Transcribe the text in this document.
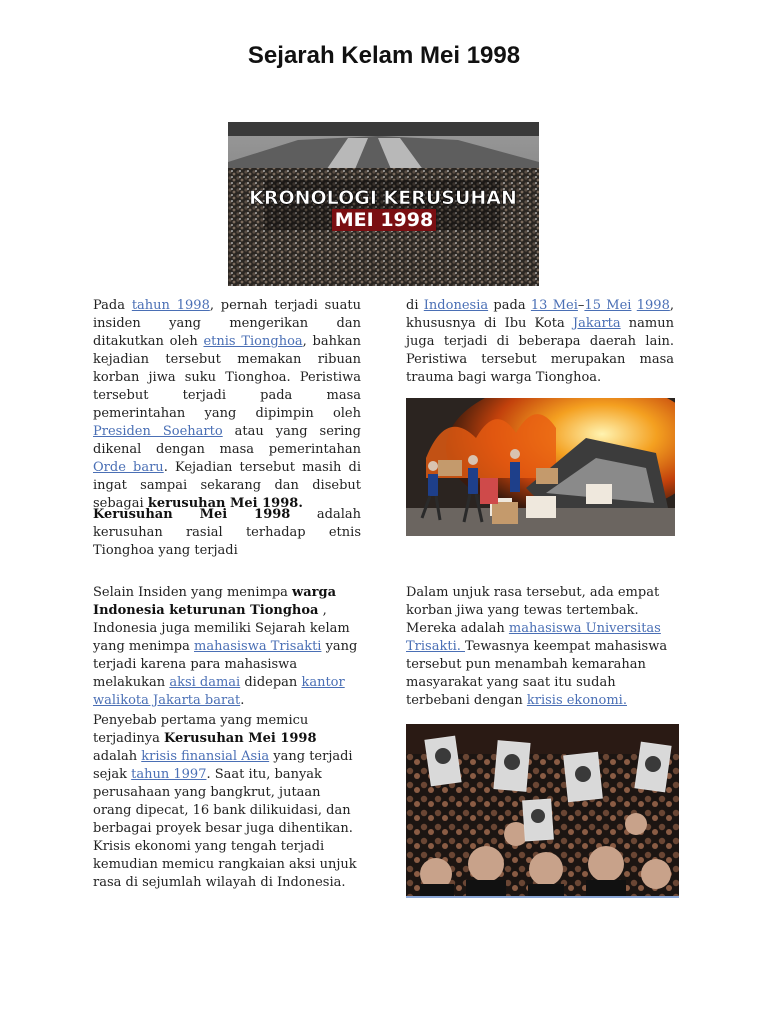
Sejarah Kelam Mei 1998
KRONOLOGI KERUSUHAN
MEI 1998
Pada tahun 1998, pernah terjadi suatu insiden yang mengerikan dan ditakutkan oleh etnis Tionghoa, bahkan kejadian tersebut memakan ribuan korban jiwa suku Tionghoa. Peristiwa tersebut terjadi pada masa pemerintahan yang dipimpin oleh Presiden Soeharto atau yang sering dikenal dengan masa pemerintahan Orde baru. Kejadian tersebut masih di ingat sampai sekarang dan disebut sebagai kerusuhan Mei 1998.
Kerusuhan Mei 1998 adalah kerusuhan rasial terhadap etnis Tionghoa yang terjadi
di Indonesia pada 13 Mei–15 Mei 1998, khususnya di Ibu Kota Jakarta namun juga terjadi di beberapa daerah lain. Peristiwa tersebut merupakan masa trauma bagi warga Tionghoa.
Selain Insiden yang menimpa warga Indonesia keturunan Tionghoa , Indonesia juga memiliki Sejarah kelam yang menimpa mahasiswa Trisakti yang terjadi karena para mahasiswa melakukan aksi damai didepan kantor walikota Jakarta barat.
Penyebab pertama yang memicu terjadinya Kerusuhan Mei 1998 adalah krisis finansial Asia yang terjadi sejak tahun 1997. Saat itu, banyak perusahaan yang bangkrut, jutaan orang dipecat, 16 bank dilikuidasi, dan berbagai proyek besar juga dihentikan. Krisis ekonomi yang tengah terjadi kemudian memicu rangkaian aksi unjuk rasa di sejumlah wilayah di Indonesia.
Dalam unjuk rasa tersebut, ada empat korban jiwa yang tewas tertembak. Mereka adalah mahasiswa Universitas Trisakti. Tewasnya keempat mahasiswa tersebut pun menambah kemarahan masyarakat yang saat itu sudah terbebani dengan krisis ekonomi.
